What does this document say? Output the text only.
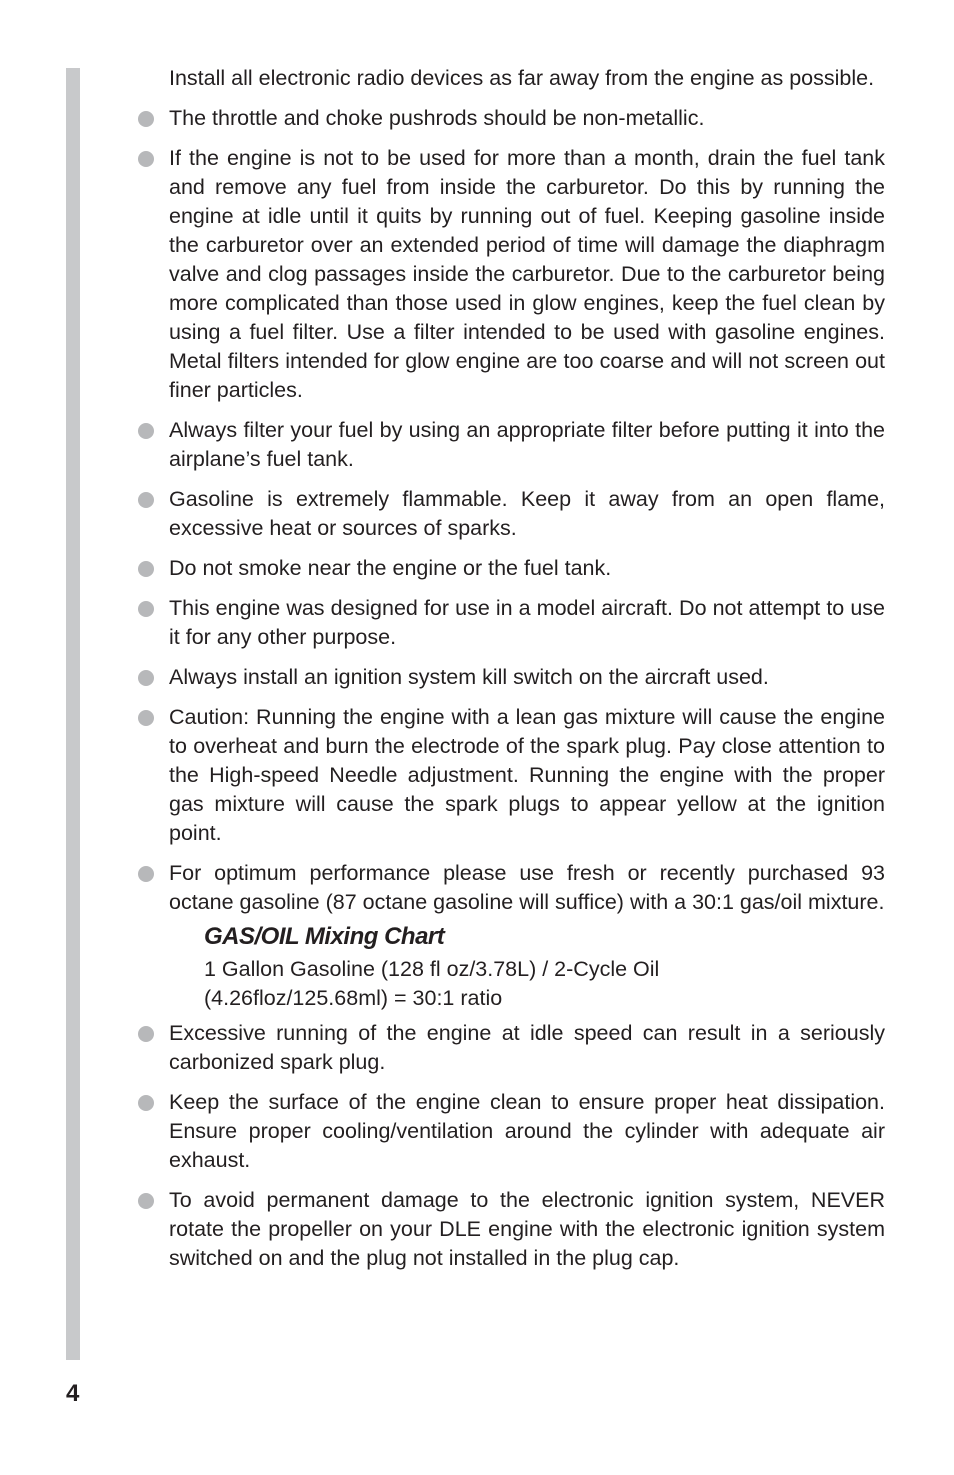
Install all electronic radio devices as far away from the engine as possible.

The throttle and choke pushrods should be non-metallic.
If the engine is not to be used for more than a month, drain the fuel tank and remove any fuel from inside the carburetor. Do this by running the engine at idle until it quits by running out of fuel. Keeping gasoline inside the carburetor over an extended period of time will damage the diaphragm valve and clog passages inside the carburetor. Due to the carburetor being more complicated than those used in glow engines, keep the fuel clean by using a fuel filter. Use a filter intended to be used with gasoline engines. Metal filters intended for glow engine are too coarse and will not screen out finer particles.
Always filter your fuel by using an appropriate filter before putting it into the airplane’s fuel tank.
Gasoline is extremely flammable. Keep it away from an open flame, excessive heat or sources of sparks.
Do not smoke near the engine or the fuel tank.
This engine was designed for use in a model aircraft. Do not attempt to use it for any other purpose.
Always install an ignition system kill switch on the aircraft used.
Caution: Running the engine with a lean gas mixture will cause the engine to overheat and burn the electrode of the spark plug. Pay close attention to the High-speed Needle adjustment. Running the engine with the proper gas mixture will cause the spark plugs to appear yellow at the ignition point.
For optimum performance please use fresh or recently purchased 93 octane gasoline (87 octane gasoline will suffice) with a 30:1 gas/oil mixture.
GAS/OIL Mixing Chart

1 Gallon Gasoline (128 fl oz/3.78L) / 2-Cycle Oil

(4.26floz/125.68ml) = 30:1 ratio

Excessive running of the engine at idle speed can result in a seriously carbonized spark plug.
Keep the surface of the engine clean to ensure proper heat dissipation. Ensure proper cooling/ventilation around the cylinder with adequate air exhaust.
To avoid permanent damage to the electronic ignition system, NEVER rotate the propeller on your DLE engine with the electronic ignition system switched on and the plug not installed in the plug cap.
4
